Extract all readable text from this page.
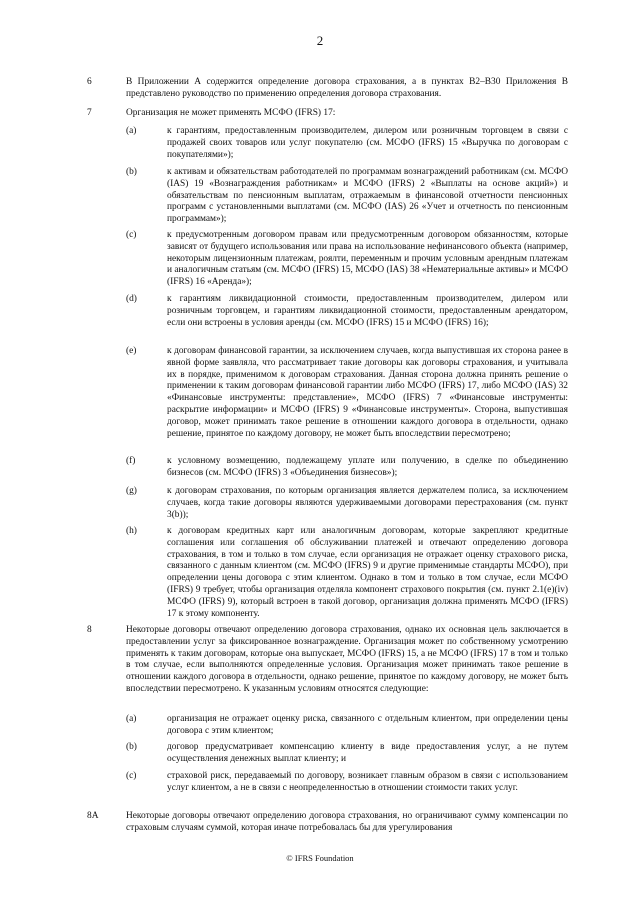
2
6	В Приложении А содержится определение договора страхования, а в пунктах В2–В30 Приложения В представлено руководство по применению определения договора страхования.
7	Организация не может применять МСФО (IFRS) 17:
(a)	к гарантиям, предоставленным производителем, дилером или розничным торговцем в связи с продажей своих товаров или услуг покупателю (см. МСФО (IFRS) 15 «Выручка по договорам с покупателями»);
(b)	к активам и обязательствам работодателей по программам вознаграждений работникам (см. МСФО (IAS) 19 «Вознаграждения работникам» и МСФО (IFRS) 2 «Выплаты на основе акций») и обязательствам по пенсионным выплатам, отражаемым в финансовой отчетности пенсионных программ с установленными выплатами (см. МСФО (IAS) 26 «Учет и отчетность по пенсионным программам»);
(c)	к предусмотренным договором правам или предусмотренным договором обязанностям, которые зависят от будущего использования или права на использование нефинансового объекта (например, некоторым лицензионным платежам, роялти, переменным и прочим условным арендным платежам и аналогичным статьям (см. МСФО (IFRS) 15, МСФО (IAS) 38 «Нематериальные активы» и МСФО (IFRS) 16 «Аренда»);
(d)	к гарантиям ликвидационной стоимости, предоставленным производителем, дилером или розничным торговцем, и гарантиям ликвидационной стоимости, предоставленным арендатором, если они встроены в условия аренды (см. МСФО (IFRS) 15 и МСФО (IFRS) 16);
(e)	к договорам финансовой гарантии, за исключением случаев, когда выпустившая их сторона ранее в явной форме заявляла, что рассматривает такие договоры как договоры страхования, и учитывала их в порядке, применимом к договорам страхования. Данная сторона должна принять решение о применении к таким договорам финансовой гарантии либо МСФО (IFRS) 17, либо МСФО (IAS) 32 «Финансовые инструменты: представление», МСФО (IFRS) 7 «Финансовые инструменты: раскрытие информации» и МСФО (IFRS) 9 «Финансовые инструменты». Сторона, выпустившая договор, может принимать такое решение в отношении каждого договора в отдельности, однако решение, принятое по каждому договору, не может быть впоследствии пересмотрено;
(f)	к условному возмещению, подлежащему уплате или получению, в сделке по объединению бизнесов (см. МСФО (IFRS) 3 «Объединения бизнесов»);
(g)	к договорам страхования, по которым организация является держателем полиса, за исключением случаев, когда такие договоры являются удерживаемыми договорами перестрахования (см. пункт 3(b));
(h)	к договорам кредитных карт или аналогичным договорам, которые закрепляют кредитные соглашения или соглашения об обслуживании платежей и отвечают определению договора страхования, в том и только в том случае, если организация не отражает оценку страхового риска, связанного с данным клиентом (см. МСФО (IFRS) 9 и другие применимые стандарты МСФО), при определении цены договора с этим клиентом. Однако в том и только в том случае, если МСФО (IFRS) 9 требует, чтобы организация отделяла компонент страхового покрытия (см. пункт 2.1(e)(iv) МСФО (IFRS) 9), который встроен в такой договор, организация должна применять МСФО (IFRS) 17 к этому компоненту.
8	Некоторые договоры отвечают определению договора страхования, однако их основная цель заключается в предоставлении услуг за фиксированное вознаграждение. Организация может по собственному усмотрению применять к таким договорам, которые она выпускает, МСФО (IFRS) 15, а не МСФО (IFRS) 17 в том и только в том случае, если выполняются определенные условия. Организация может принимать такое решение в отношении каждого договора в отдельности, однако решение, принятое по каждому договору, не может быть впоследствии пересмотрено. К указанным условиям относятся следующие:
(a)	организация не отражает оценку риска, связанного с отдельным клиентом, при определении цены договора с этим клиентом;
(b)	договор предусматривает компенсацию клиенту в виде предоставления услуг, а не путем осуществления денежных выплат клиенту; и
(c)	страховой риск, передаваемый по договору, возникает главным образом в связи с использованием услуг клиентом, а не в связи с неопределенностью в отношении стоимости таких услуг.
8A	Некоторые договоры отвечают определению договора страхования, но ограничивают сумму компенсации по страховым случаям суммой, которая иначе потребовалась бы для урегулирования
© IFRS Foundation
